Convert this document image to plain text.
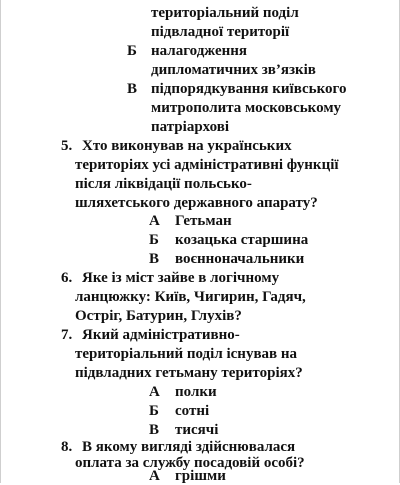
територіальний поділ
підвладної території
Б налагодження
дипломатичних зв’язків
В підпорядкування київського
митрополита московському
патріархові
5. Хто виконував на українських
територіях усі адміністративні функції
після ліквідації польсько-
шляхетського державного апарату?
А Гетьман
Б козацька старшина
В воєнноначальники
6. Яке із міст зайве в логічному
ланцюжку: Київ, Чигирин, Гадяч,
Остріг, Батурин, Глухів?
7. Який адміністративно-
територіальний поділ існував на
підвладних гетьману територіях?
А полки
Б сотні
В тисячі
8. В якому вигляді здійснювалася
оплата за службу посадовій особі?
А грішми
